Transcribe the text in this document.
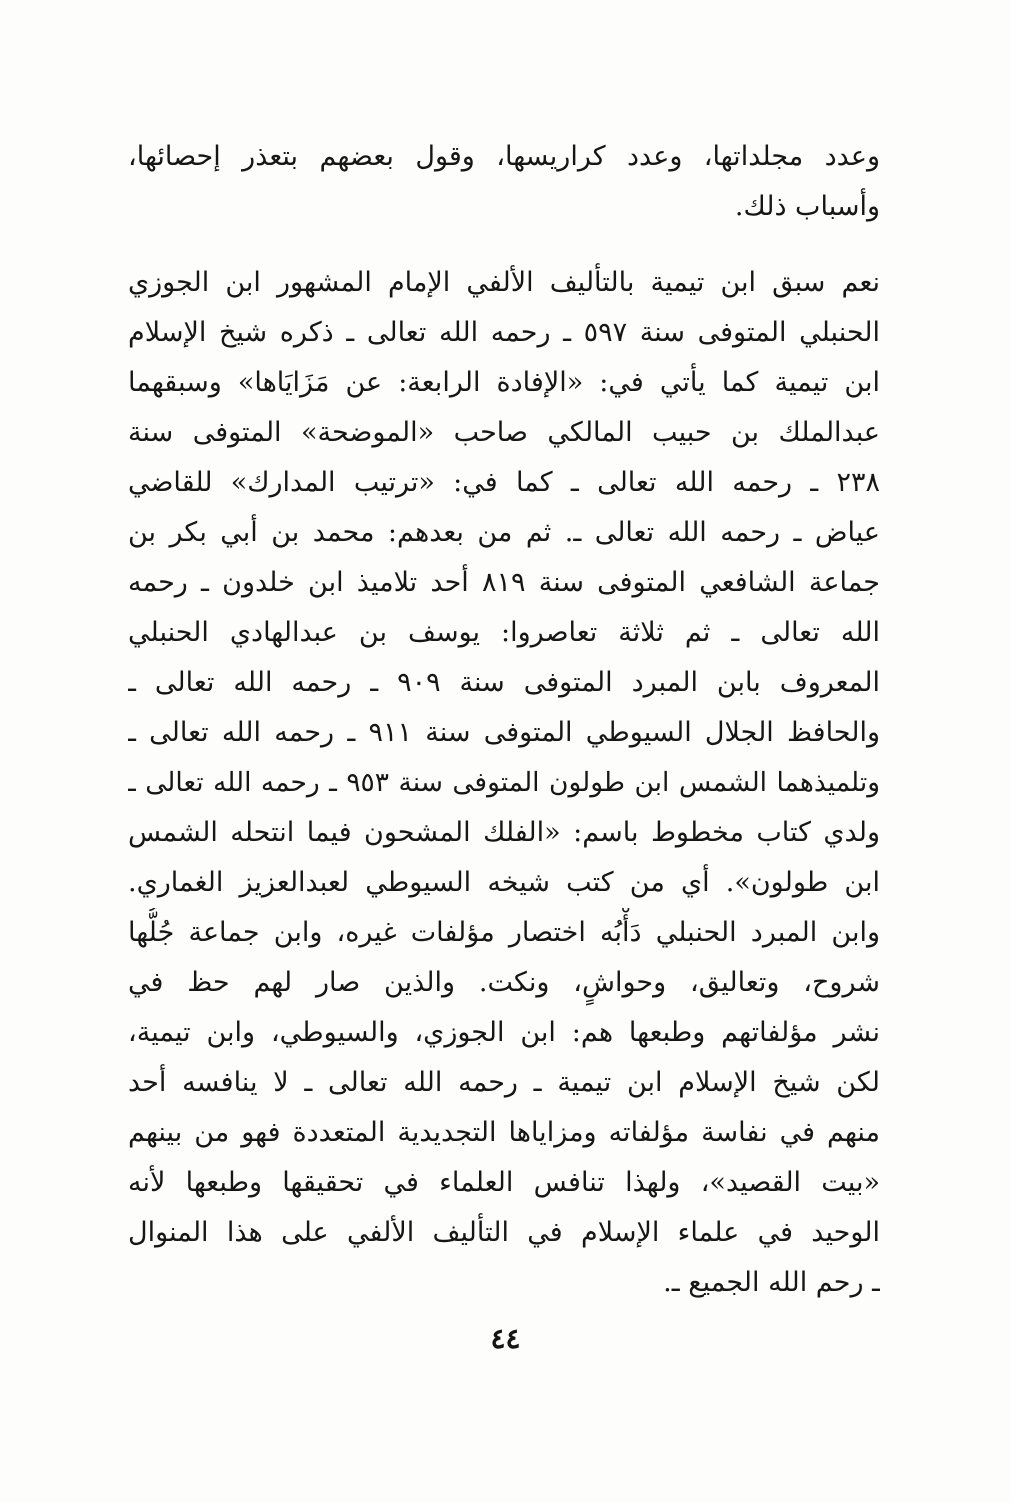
وعدد مجلداتها، وعدد كراريسها، وقول بعضهم بتعذر إحصائها،
وأسباب ذلك.
نعم سبق ابن تيمية بالتأليف الألفي الإمام المشهور ابن الجوزي
الحنبلي المتوفى سنة ٥٩٧ ـ رحمه الله تعالى ـ ذكره شيخ الإسلام
ابن تيمية كما يأتي في: «الإفادة الرابعة: عن مَزَايَاها» وسبقهما
عبدالملك بن حبيب المالكي صاحب «الموضحة» المتوفى سنة
٢٣٨ ـ رحمه الله تعالى ـ كما في: «ترتيب المدارك» للقاضي
عياض ـ رحمه الله تعالى ـ. ثم من بعدهم: محمد بن أبي بكر بن
جماعة الشافعي المتوفى سنة ٨١٩ أحد تلاميذ ابن خلدون ـ رحمه
الله تعالى ـ ثم ثلاثة تعاصروا: يوسف بن عبدالهادي الحنبلي
المعروف بابن المبرد المتوفى سنة ٩٠٩ ـ رحمه الله تعالى ـ
والحافظ الجلال السيوطي المتوفى سنة ٩١١ ـ رحمه الله تعالى ـ
وتلميذهما الشمس ابن طولون المتوفى سنة ٩٥٣ ـ رحمه الله تعالى ـ
ولدي كتاب مخطوط باسم: «الفلك المشحون فيما انتحله الشمس
ابن طولون». أي من كتب شيخه السيوطي لعبدالعزيز الغماري.
وابن المبرد الحنبلي دَأْبُه اختصار مؤلفات غيره، وابن جماعة جُلُّها
شروح، وتعاليق، وحواشٍ، ونكت. والذين صار لهم حظ في
نشر مؤلفاتهم وطبعها هم: ابن الجوزي، والسيوطي، وابن تيمية،
لكن شيخ الإسلام ابن تيمية ـ رحمه الله تعالى ـ لا ينافسه أحد
منهم في نفاسة مؤلفاته ومزاياها التجديدية المتعددة فهو من بينهم
«بيت القصيد»، ولهذا تنافس العلماء في تحقيقها وطبعها لأنه
الوحيد في علماء الإسلام في التأليف الألفي على هذا المنوال
ـ رحم الله الجميع ـ.
٤٤
